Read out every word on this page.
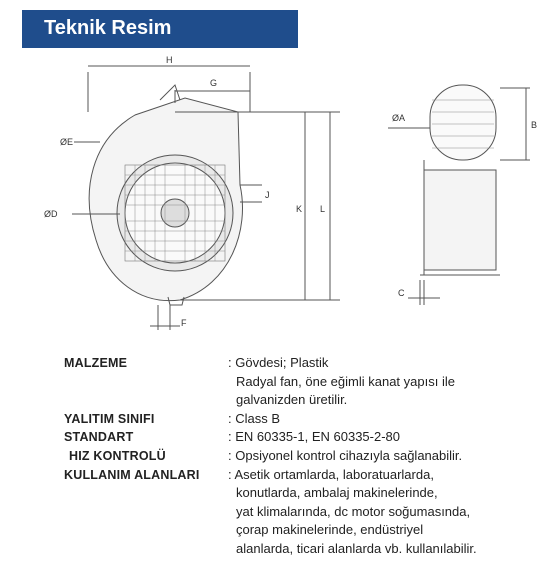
Teknik Resim
H
G
ØE
ØD
J
K L
F
ØA
B
C
MALZEME	: Gövdesi; Plastik
Radyal fan, öne eğimli kanat yapısı ile
galvanizden üretilir.
YALITIM SINIFI	: Class B
STANDART	: EN 60335-1, EN 60335-2-80
HIZ KONTROLÜ	: Opsiyonel kontrol cihazıyla sağlanabilir.
KULLANIM ALANLARI	: Asetik ortamlarda, laboratuarlarda,
konutlarda, ambalaj makinelerinde,
yat klimalarında, dc motor soğumasında,
çorap makinelerinde, endüstriyel
alanlarda, ticari alanlarda vb. kullanılabilir.
